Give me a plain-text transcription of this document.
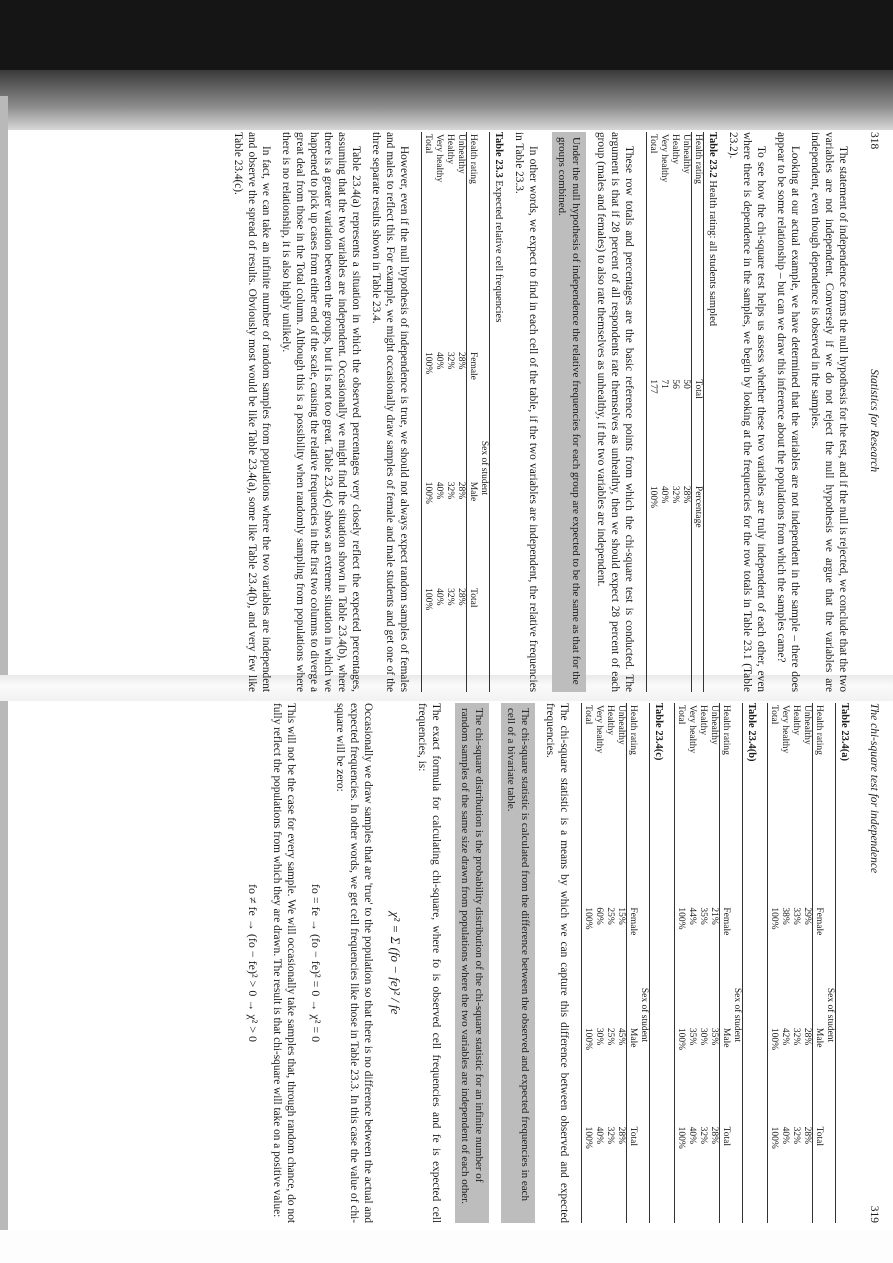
318
Statistics for Research

The statement of independence forms the null hypothesis for the test, and if the null is rejected, we conclude that the two variables are not independent. Conversely if we do not reject the null hypothesis we argue that the variables are independent, even though dependence is observed in the samples.

Looking at our actual example, we have determined that the variables are not independent in the sample – there does appear to be some relationship – but can we draw this inference about the populations from which the samples came?

To see how the chi-square test helps us assess whether these two variables are truly independent of each other, even where there is dependence in the samples, we begin by looking at the frequencies for the row totals in Table 23.1 (Table 23.2).

Table 23.2 Health rating: all students sampled
Health rating	Total	Percentage
Unhealthy	50	28%
Healthy	56	32%
Very healthy	71	40%
Total	177	100%

These row totals and percentages are the basic reference points from which the chi-square test is conducted. The argument is that if 28 percent of all respondents rate themselves as unhealthy, then we should expect 28 percent of each group (males and females) to also rate themselves as unhealthy, if the two variables are independent.

Under the null hypothesis of independence the relative frequencies for each group are expected to be the same as that for the groups combined.

In other words, we expect to find in each cell of the table, if the two variables are independent, the relative frequencies in Table 23.3.

Table 23.3 Expected relative cell frequencies
	Sex of student		
Health rating	Female	Male	Total
Unhealthy	28%	28%	28%
Healthy	32%	32%	32%
Very healthy	40%	40%	40%
Total	100%	100%	100%

However, even if the null hypothesis of independence is true, we should not always expect random samples of females and males to reflect this. For example, we might occasionally draw samples of female and male students and get one of the three separate results shown in Table 23.4.

Table 23.4(a) represents a situation in which the observed percentages very closely reflect the expected percentages, assuming that the two variables are independent. Occasionally we might find the situation shown in Table 23.4(b), where there is a greater variation between the groups, but it is not too great. Table 23.4(c) shows an extreme situation in which we happened to pick up cases from either end of the scale, causing the relative frequencies in the first two columns to diverge a great deal from those in the Total column. Although this is a possibility when randomly sampling from populations where there is no relationship, it is also highly unlikely.

In fact, we can take an infinite number of random samples from populations where the two variables are independent and observe the spread of results. Obviously most would be like Table 23.4(a), some like Table 23.4(b), and very few like Table 23.4(c).

The chi-square test for independence
319
Table 23.4(a)
	Sex of student		
Health rating	Female	Male	Total
Unhealthy	29%	28%	28%
Healthy	33%	32%	32%
Very healthy	38%	42%	40%
Total	100%	100%	100%
Table 23.4(b)
	Sex of student		
Health rating	Female	Male	Total
Unhealthy	21%	35%	28%
Healthy	35%	30%	32%
Very healthy	44%	35%	40%
Total	100%	100%	100%
Table 23.4(c)
	Sex of student		
Health rating	Female	Male	Total
Unhealthy	15%	45%	28%
Healthy	25%	25%	32%
Very healthy	60%	30%	40%
Total	100%	100%	100%

The chi-square statistic is a means by which we can capture this difference between observed and expected frequencies.

The chi-square statistic is calculated from the difference between the observed and expected frequencies in each cell of a bivariate table.
The chi-square distribution is the probability distribution of the chi-square statistic for an infinite number of random samples of the same size drawn from populations where the two variables are independent of each other.

The exact formula for calculating chi-square, where fo is observed cell frequencies and fe is expected cell frequencies, is:

χ² = Σ (fo − fe)² / fe

Occasionally we draw samples that are 'true' to the population so that there is no difference between the actual and expected frequencies. In other words, we get cell frequencies like those in Table 23.3. In this case the value of chi-square will be zero:

fo = fe → (fo − fe)² = 0 → χ² = 0

This will not be the case for every sample. We will occasionally take samples that, through random chance, do not fully reflect the populations from which they are drawn. The result is that chi-square will take on a positive value:

fo ≠ fe → (fo − fe)² > 0 → χ² > 0
